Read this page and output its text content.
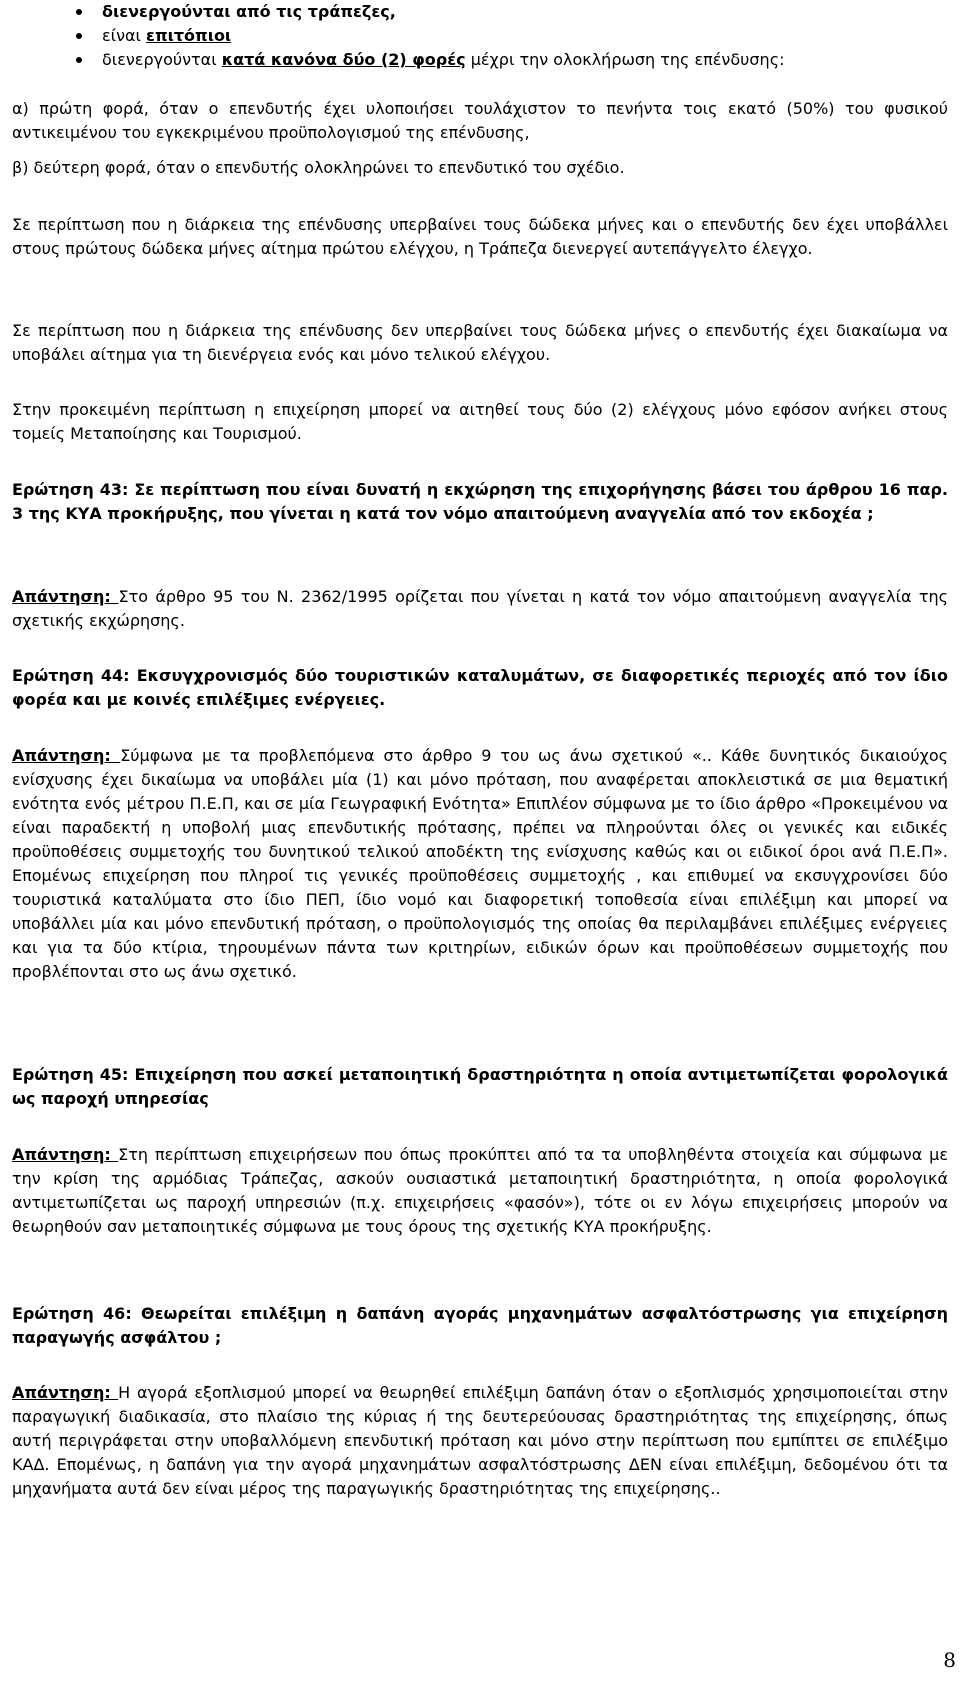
διενεργούνται από τις τράπεζες,
είναι επιτόπιοι
διενεργούνται κατά κανόνα δύο (2) φορές μέχρι την ολοκλήρωση της επένδυσης:

α) πρώτη φορά, όταν ο επενδυτής έχει υλοποιήσει τουλάχιστον το πενήντα τοις εκατό (50%) του φυσικού αντικειμένου του εγκεκριμένου προϋπολογισμού της επένδυσης,

β) δεύτερη φορά, όταν ο επενδυτής ολοκληρώνει το επενδυτικό του σχέδιο.

Σε περίπτωση που η διάρκεια της επένδυσης υπερβαίνει τους δώδεκα μήνες και ο επενδυτής δεν έχει υποβάλλει στους πρώτους δώδεκα μήνες αίτημα πρώτου ελέγχου, η Τράπεζα διενεργεί αυτεπάγγελτο έλεγχο.

Σε περίπτωση που η διάρκεια της επένδυσης δεν υπερβαίνει τους δώδεκα μήνες ο επενδυτής έχει διακαίωμα να υποβάλει αίτημα για τη διενέργεια ενός και μόνο τελικού ελέγχου.

Στην προκειμένη περίπτωση η επιχείρηση μπορεί να αιτηθεί τους δύο (2) ελέγχους μόνο εφόσον ανήκει στους τομείς Μεταποίησης και Τουρισμού.

Ερώτηση 43: Σε περίπτωση που είναι δυνατή η εκχώρηση της επιχορήγησης βάσει του άρθρου 16 παρ. 3 της ΚΥΑ προκήρυξης, που γίνεται η κατά τον νόμο απαιτούμενη αναγγελία από τον εκδοχέα ;

Απάντηση: Στο άρθρο 95 του Ν. 2362/1995 ορίζεται που γίνεται η κατά τον νόμο απαιτούμενη αναγγελία της σχετικής εκχώρησης.

Ερώτηση 44: Εκσυγχρονισμός δύο τουριστικών καταλυμάτων, σε διαφορετικές περιοχές από τον ίδιο φορέα και με κοινές επιλέξιμες ενέργειες.

Απάντηση: Σύμφωνα με τα προβλεπόμενα στο άρθρο 9 του ως άνω σχετικού «.. Κάθε δυνητικός δικαιούχος ενίσχυσης έχει δικαίωμα να υποβάλει μία (1) και μόνο πρόταση, που αναφέρεται αποκλειστικά σε μια θεματική ενότητα ενός μέτρου Π.Ε.Π, και σε μία Γεωγραφική Ενότητα» Επιπλέον σύμφωνα με το ίδιο άρθρο «Προκειμένου να είναι παραδεκτή η υποβολή μιας επενδυτικής πρότασης, πρέπει να πληρούνται όλες οι γενικές και ειδικές προϋποθέσεις συμμετοχής του δυνητικού τελικού αποδέκτη της ενίσχυσης καθώς και οι ειδικοί όροι ανά Π.Ε.Π». Επομένως επιχείρηση που πληροί τις γενικές προϋποθέσεις συμμετοχής , και επιθυμεί να εκσυγχρονίσει δύο τουριστικά καταλύματα στο ίδιο ΠΕΠ, ίδιο νομό και διαφορετική τοποθεσία είναι επιλέξιμη και μπορεί να υποβάλλει μία και μόνο επενδυτική πρόταση, ο προϋπολογισμός της οποίας θα περιλαμβάνει επιλέξιμες ενέργειες και για τα δύο κτίρια, τηρουμένων πάντα των κριτηρίων, ειδικών όρων και προϋποθέσεων συμμετοχής που προβλέπονται στο ως άνω σχετικό.

Ερώτηση 45: Επιχείρηση που ασκεί μεταποιητική δραστηριότητα η οποία αντιμετωπίζεται φορολογικά ως παροχή υπηρεσίας

Απάντηση: Στη περίπτωση επιχειρήσεων που όπως προκύπτει από τα τα υποβληθέντα στοιχεία και σύμφωνα με την κρίση της αρμόδιας Τράπεζας, ασκούν ουσιαστικά μεταποιητική δραστηριότητα, η οποία φορολογικά αντιμετωπίζεται ως παροχή υπηρεσιών (π.χ. επιχειρήσεις «φασόν»), τότε οι εν λόγω επιχειρήσεις μπορούν να θεωρηθούν σαν μεταποιητικές σύμφωνα με τους όρους της σχετικής ΚΥΑ προκήρυξης.

Ερώτηση 46: Θεωρείται επιλέξιμη η δαπάνη αγοράς μηχανημάτων ασφαλτόστρωσης για επιχείρηση παραγωγής ασφάλτου ;

Απάντηση: Η αγορά εξοπλισμού μπορεί να θεωρηθεί επιλέξιμη δαπάνη όταν ο εξοπλισμός χρησιμοποιείται στην παραγωγική διαδικασία, στο πλαίσιο της κύριας ή της δευτερεύουσας δραστηριότητας της επιχείρησης, όπως αυτή περιγράφεται στην υποβαλλόμενη επενδυτική πρόταση και μόνο στην περίπτωση που εμπίπτει σε επιλέξιμο ΚΑΔ. Επομένως, η δαπάνη για την αγορά μηχανημάτων ασφαλτόστρωσης ΔΕΝ είναι επιλέξιμη, δεδομένου ότι τα μηχανήματα αυτά δεν είναι μέρος της παραγωγικής δραστηριότητας της επιχείρησης..

8
